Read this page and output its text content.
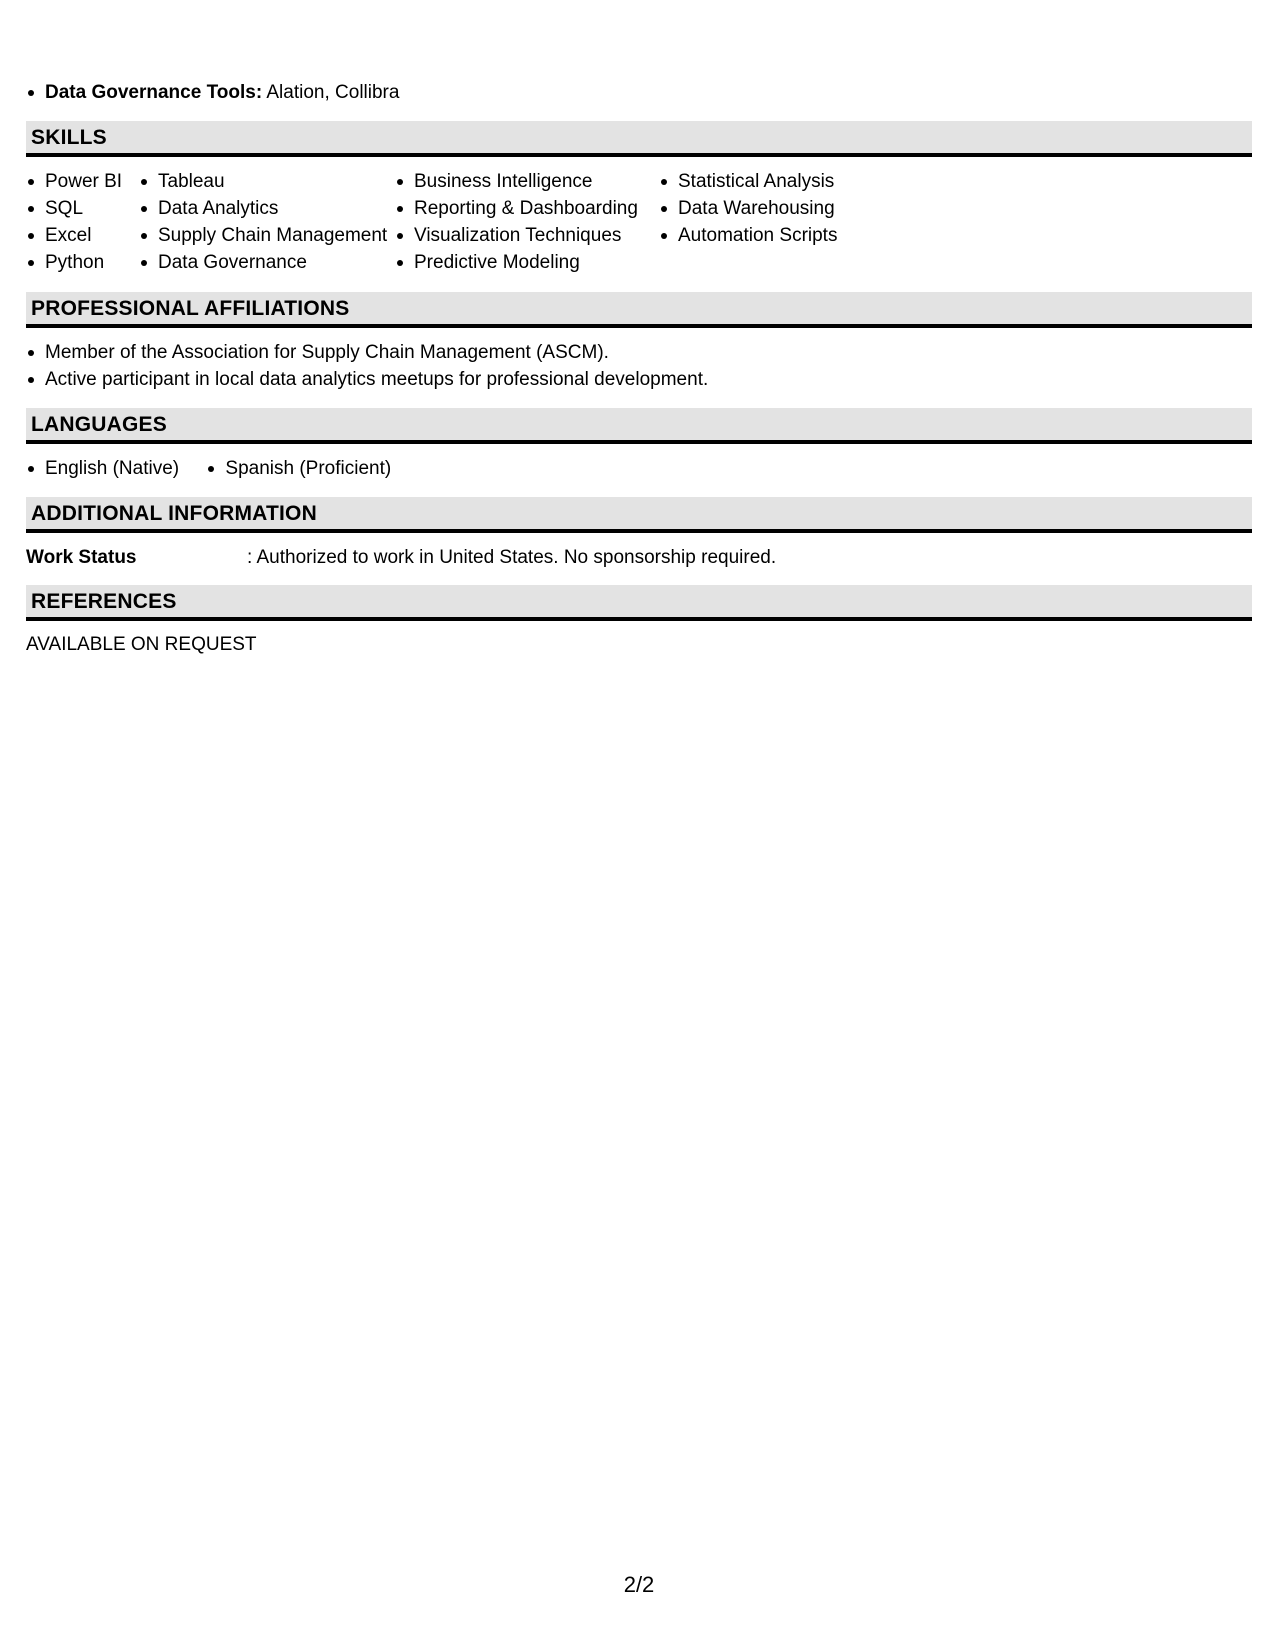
Data Governance Tools: Alation, Collibra
SKILLS
Power BI
SQL
Excel
Python
Tableau
Data Analytics
Supply Chain Management
Data Governance
Business Intelligence
Reporting & Dashboarding
Visualization Techniques
Predictive Modeling
Statistical Analysis
Data Warehousing
Automation Scripts
PROFESSIONAL AFFILIATIONS
Member of the Association for Supply Chain Management (ASCM).
Active participant in local data analytics meetups for professional development.
LANGUAGES
English (Native) Spanish (Proficient)
ADDITIONAL INFORMATION
Work Status	: Authorized to work in United States. No sponsorship required.
REFERENCES
AVAILABLE ON REQUEST
2/2
